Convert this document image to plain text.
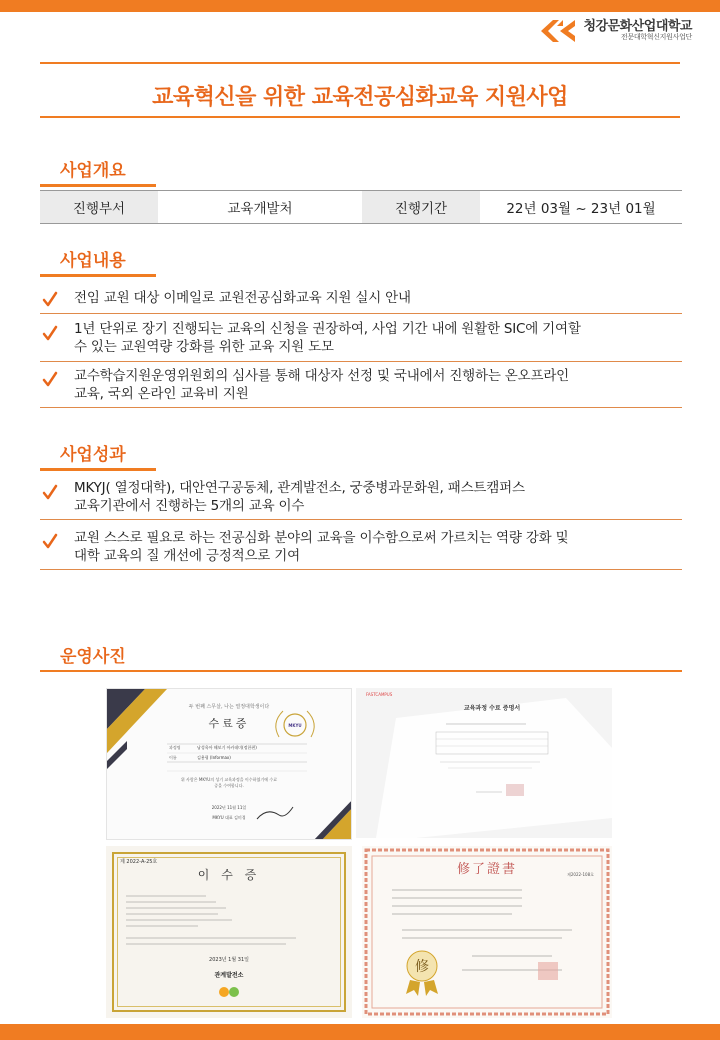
청강문화산업대학교
전문대학혁신지원사업단
교육혁신을 위한 교육전공심화교육 지원사업
사업개요
진행부서	교육개발처	진행기간	22년 03월 ~ 23년 01월
사업내용
전임 교원 대상 이메일로 교원전공심화교육 지원 실시 안내
1년 단위로 장기 진행되는 교육의 신청을 권장하여, 사업 기간 내에 원활한 SIC에 기여할
수 있는 교원역량 강화를 위한 교육 지원 도모
교수학습지원운영위원회의 심사를 통해 대상자 선정 및 국내에서 진행하는 온오프라인
교육, 국외 온라인 교육비 지원
사업성과
MKYJ( 열정대학), 대안연구공동체, 관계발전소, 궁중병과문화원, 패스트캠퍼스
교육기관에서 진행하는 5개의 교육 이수
교원 스스로 필요로 하는 전공심화 분야의 교육을 이수함으로써 가르치는 역량 강화 및
대학 교육의 질 개선에 긍정적으로 기여
운영사진
두 번째 스무살, 나는 열정대학생이다
수료증	MKYU
과정명	남성육아 해보기 아카데미(정한편)
이름	김용평 (Informax)
위 사람은 MKYU의 성기 교육과정을 이수하였기에 수료증을 수여합니다.
2022년 11월 11일
MKYU 대표 김미경
FASTCAMPUS
교육과정 수료 증명서
제 2022-A-25호
이 수 증
2023년 1월 31일
관계발전소
修了證書	제2022-108호
修
